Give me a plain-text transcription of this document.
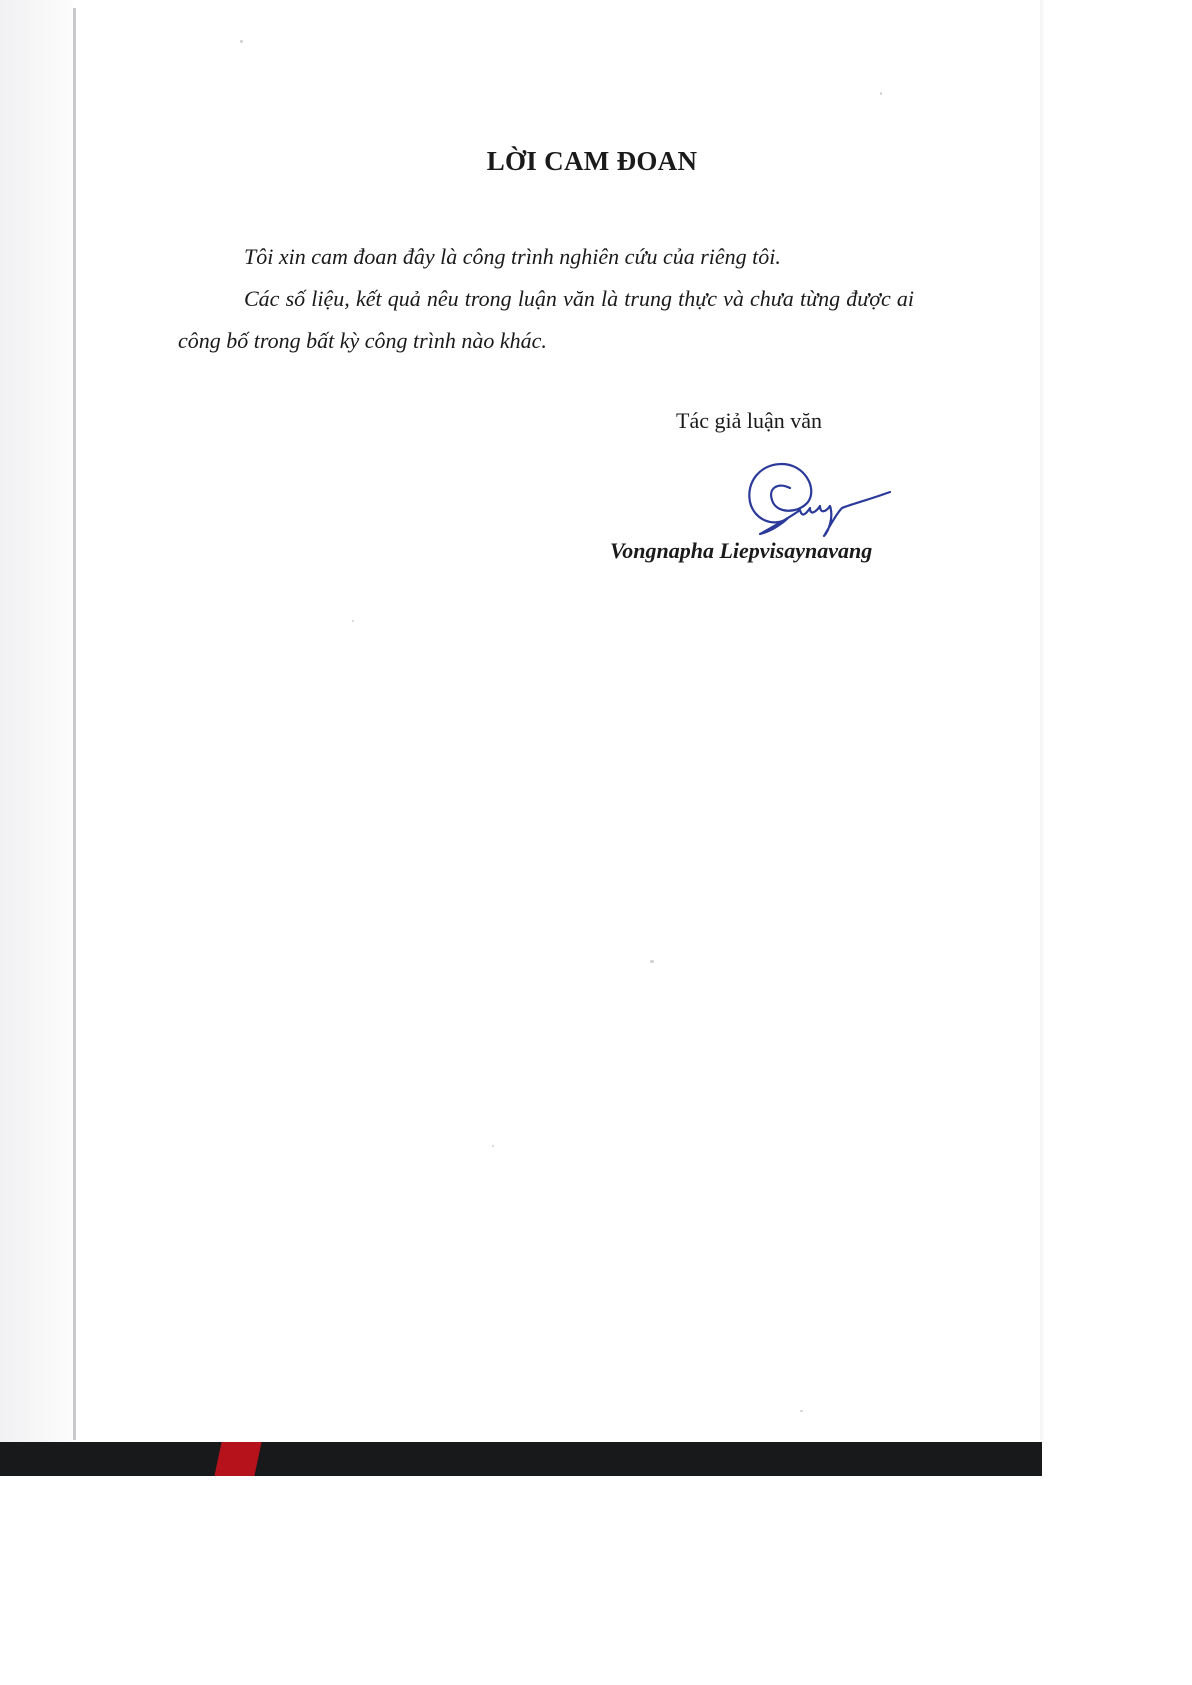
LỜI CAM ĐOAN

Tôi xin cam đoan đây là công trình nghiên cứu của riêng tôi.

Các số liệu, kết quả nêu trong luận văn là trung thực và chưa từng được ai công bố trong bất kỳ công trình nào khác.

Tác giả luận văn

Vongnapha Liepvisaynavang
